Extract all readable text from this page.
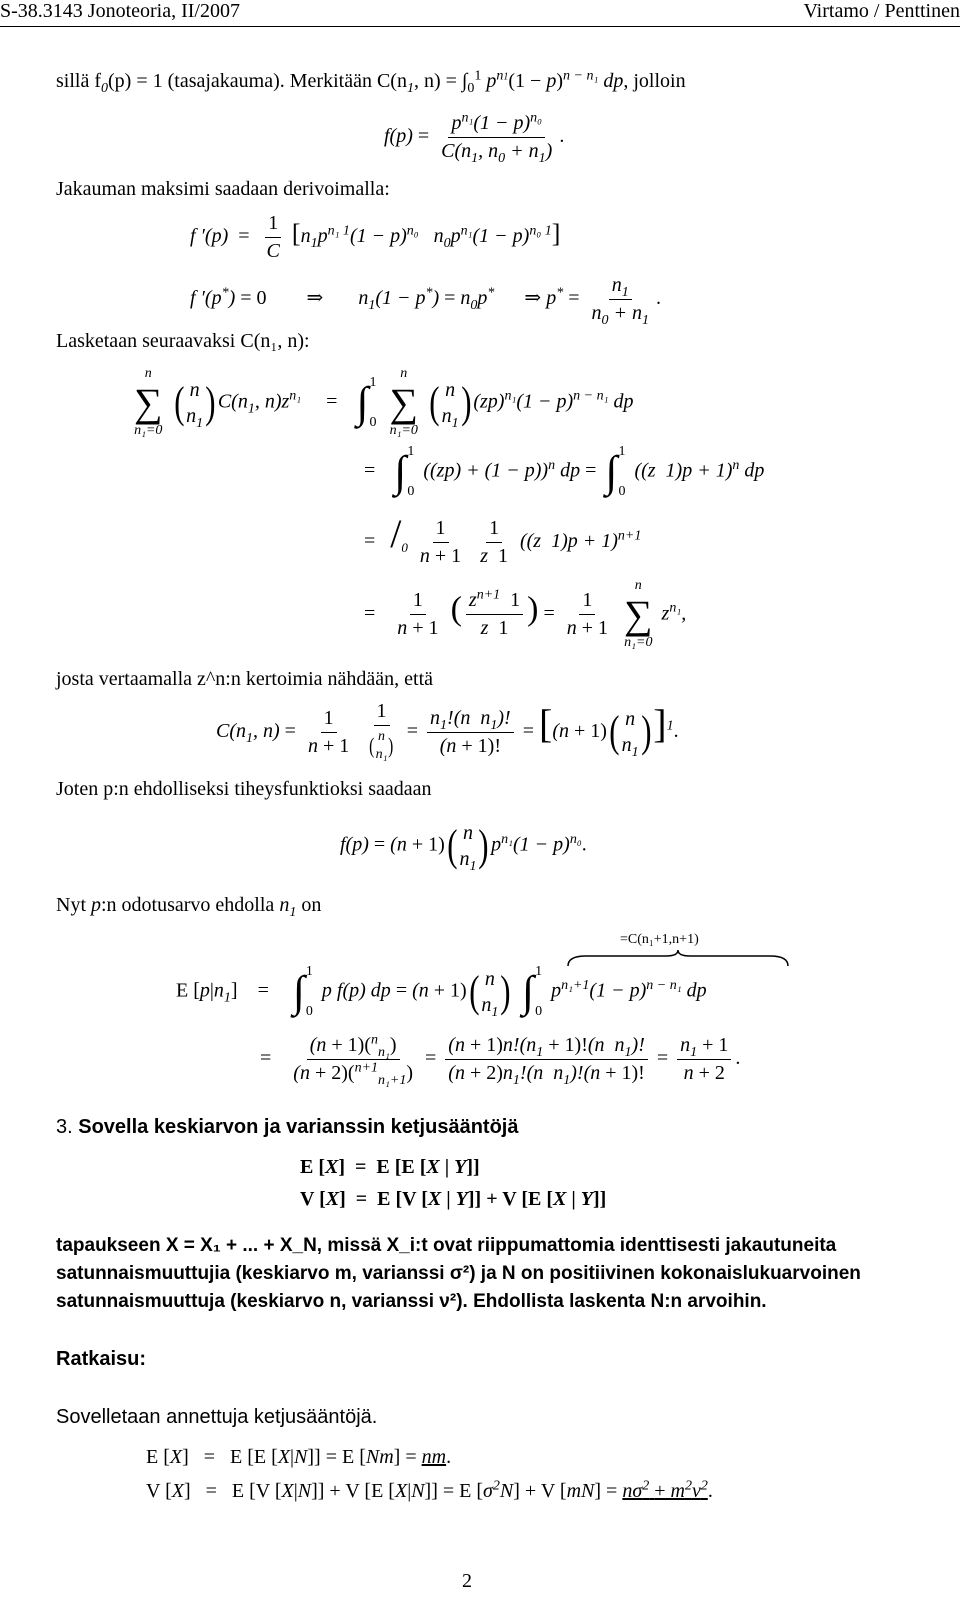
S-38.3143 Jonoteoria, II/2007	Virtamo / Penttinen
sillä $f_0(p) = 1$ (tasajakauma). Merkitään $C(n_1$, $n) = \int_0^1$ $p^{n1}(1 - p)^{n - n_1}$ dp, jolloin
$f(p) = \frac{p^{n_1}(1 - p)^{n_0}}{C(n_1, n_0 + n_1)}$ .
Jakauman maksimi saadaan derivoimalla:
f $'(p) = \frac{1}{C} [n_1p^{n_1 1}(1 - p)^{n_0}$   $n_0p^{n_1}(1 - p)^{n_0 1}$]
f ′(p*) = 0        ⇒       $n_1(1 - p^*) = n_0p^*$ ⇒ $p^* = \frac{n_1}{n_0 + n_1}$ .
Lasketaan seuraavaksi C(n₁, n):
n
∑
n₁=0

( n
$n_1$ ) $C(n_1$, $n)z^{n_1}$ = ∫ 1
0

n
∑
n₁=0

( n
$n_1$ ) $(zp)^{n_1}(1 - p)^{n - n_1}$ dp
= ∫ 1
0
$((zp) + (1 - p))^n$ dp = ∫ 1
0
((z  1)p + 1)$^n$ dp
= $/_0 \frac{1}{n + 1}$
$\frac{1}{z 1} ((z$  1)p + 1)$^{n+1}$
= $\frac{1}{n + 1}$ ( $\frac{z^{n+1} 1}{z 1}$ ) = $\frac{1}{n + 1}$

n
∑
n₁=0
$z^{n_1}$,
josta vertaamalla z^n:n kertoimia nähdään, että
$C(n_1$, $n) = \frac{1}{n + 1}$
1
( n
n₁ ) = $\frac{n_1!(n n_1)!}{(n + 1)!} = [(n + 1)$ ( n
$n_1$ ) ]$^1$.
Joten p:n ehdolliseksi tiheysfunktioksi saadaan
f(p) = (n + 1) ( n
$n_1$ ) $p^{n_1}(1 - p)^{n_0}$.
Nyt p:n odotusarvo ehdolla $n_1$ on
=C(n₁+1,n+1)
E $[p|n_1]$ = ∫ 1
0
p f(p) dp = (n + 1) ( n
$n_1$ )
∫ 1
0
$p^{n_1+1}(1 - p)^{n - n_1}$ dp
= $\frac{(n + 1)(^n_{n_1})}{(n + 2)(^{n+1}_{n_1+1})} = \frac{(n + 1)n!(n_1 + 1)!(n n_1)!}{(n + 2)n_1!(n n_1)!(n + 1)!} = \frac{n_1 + 1}{n + 2}$ .
3. Sovella keskiarvon ja varianssin ketjusääntöjä
E [X]  =  E [E [X | Y]]
V [X]  =  E [V [X | Y]] + V [E [X | Y]]
tapaukseen X = X₁ + ... + X_N, missä X_i:t ovat riippumattomia identtisesti jakautuneita satunnaismuuttujia (keskiarvo m, varianssi σ²) ja N on positiivinen kokonaislukuarvoinen satunnaismuuttuja (keskiarvo n, varianssi ν²). Ehdollista laskenta N:n arvoihin.
Ratkaisu:
Sovelletaan annettuja ketjusääntöjä.
E [X]   =   E [E [X|N]] = E [Nm] = nm.
V [X]   =   E [V [X|N]] + V [E [X|N]] = E $[\sigma^2N] + V$ $[mN] = n\sigma^2 + m^2\nu^2$.
2
